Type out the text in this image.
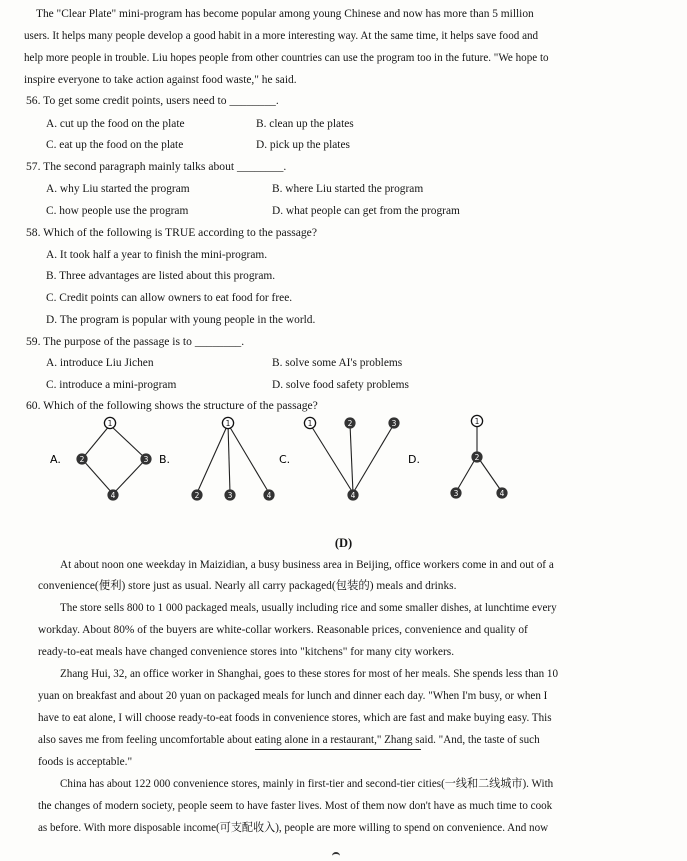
The "Clear Plate" mini-program has become popular among young Chinese and now has more than 5 million
users. It helps many people develop a good habit in a more interesting way. At the same time, it helps save food and
help more people in trouble. Liu hopes people from other countries can use the program too in the future. "We hope to
inspire everyone to take action against food waste," he said.
56. To get some credit points, users need to ________.
A. cut up the food on the plate	B. clean up the plates
C. eat up the food on the plate	D. pick up the plates
57. The second paragraph mainly talks about ________.
A. why Liu started the program	B. where Liu started the program
C. how people use the program	D. what people can get from the program
58. Which of the following is TRUE according to the passage?
A. It took half a year to finish the mini-program.
B. Three advantages are listed about this program.
C. Credit points can allow owners to eat food for free.
D. The program is popular with young people in the world.
59. The purpose of the passage is to ________.
A. introduce Liu Jichen	B. solve some AI's problems
C. introduce a mini-program	D. solve food safety problems
60. Which of the following shows the structure of the passage?
A.	B.	C.	D.
1
2	3
4
1
2	3	4
1	2	3
4
1
2
3	4
(D)
At about noon one weekday in Maizidian, a busy business area in Beijing, office workers come in and out of a
convenience(便利) store just as usual. Nearly all carry packaged(包装的) meals and drinks.
The store sells 800 to 1 000 packaged meals, usually including rice and some smaller dishes, at lunchtime every
workday. About 80% of the buyers are white-collar workers. Reasonable prices, convenience and quality of
ready-to-eat meals have changed convenience stores into "kitchens" for many city workers.
Zhang Hui, 32, an office worker in Shanghai, goes to these stores for most of her meals. She spends less than 10
yuan on breakfast and about 20 yuan on packaged meals for lunch and dinner each day. "When I'm busy, or when I
have to eat alone, I will choose ready-to-eat foods in convenience stores, which are fast and make buying easy. This
also saves me from feeling uncomfortable about eating alone in a restaurant," Zhang said. "And, the taste of such
foods is acceptable."
China has about 122 000 convenience stores, mainly in first-tier and second-tier cities(一线和二线城市). With
the changes of modern society, people seem to have faster lives. Most of them now don't have as much time to cook
as before. With more disposable income(可支配收入), people are more willing to spend on convenience. And now
